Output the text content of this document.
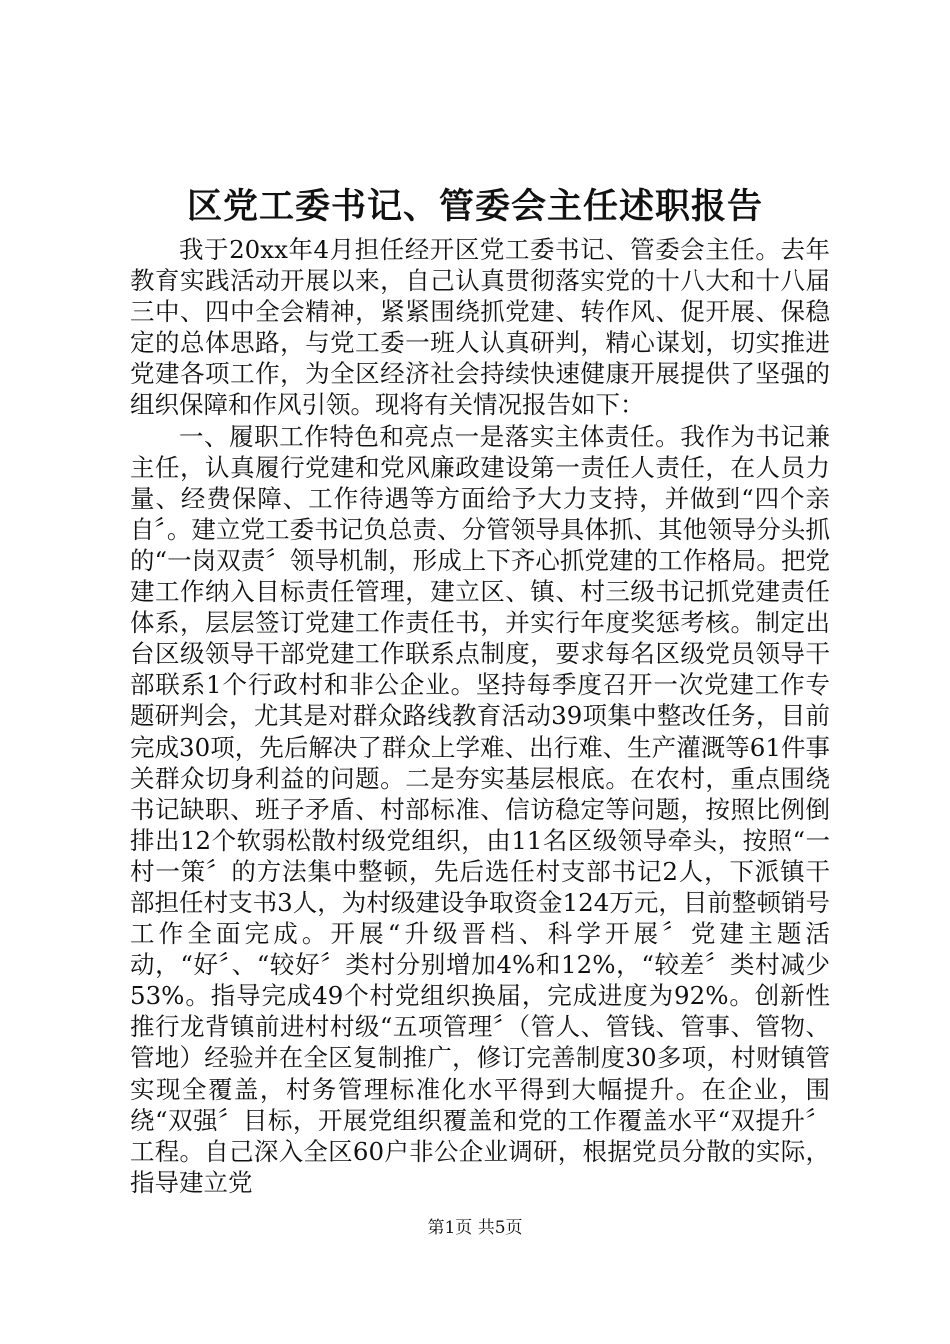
区党工委书记、管委会主任述职报告

我于20xx年4月担任经开区党工委书记、管委会主任。去年教育实践活动开展以来，自己认真贯彻落实党的十八大和十八届三中、四中全会精神，紧紧围绕抓党建、转作风、促开展、保稳定的总体思路，与党工委一班人认真研判，精心谋划，切实推进党建各项工作，为全区经济社会持续快速健康开展提供了坚强的组织保障和作风引领。现将有关情况报告如下：

一、履职工作特色和亮点一是落实主体责任。我作为书记兼主任，认真履行党建和党风廉政建设第一责任人责任，在人员力量、经费保障、工作待遇等方面给予大力支持，并做到“四个亲自〞。建立党工委书记负总责、分管领导具体抓、其他领导分头抓的“一岗双责〞领导机制，形成上下齐心抓党建的工作格局。把党建工作纳入目标责任管理，建立区、镇、村三级书记抓党建责任体系，层层签订党建工作责任书，并实行年度奖惩考核。制定出台区级领导干部党建工作联系点制度，要求每名区级党员领导干部联系1个行政村和非公企业。坚持每季度召开一次党建工作专题研判会，尤其是对群众路线教育活动39项集中整改任务，目前完成30项，先后解决了群众上学难、出行难、生产灌溉等61件事关群众切身利益的问题。二是夯实基层根底。在农村，重点围绕书记缺职、班子矛盾、村部标准、信访稳定等问题，按照比例倒排出12个软弱松散村级党组织，由11名区级领导牵头，按照“一村一策〞的方法集中整顿，先后选任村支部书记2人，下派镇干部担任村支书3人，为村级建设争取资金124万元，目前整顿销号工作全面完成。开展“升级晋档、科学开展〞党建主题活动，“好〞、“较好〞类村分别增加4%和12%，“较差〞类村减少53%。指导完成49个村党组织换届，完成进度为92%。创新性推行龙背镇前进村村级“五项管理〞（管人、管钱、管事、管物、管地）经验并在全区复制推广，修订完善制度30多项，村财镇管实现全覆盖，村务管理标准化水平得到大幅提升。在企业，围绕“双强〞目标，开展党组织覆盖和党的工作覆盖水平“双提升〞工程。自己深入全区60户非公企业调研，根据党员分散的实际，指导建立党

第1页 共5页
